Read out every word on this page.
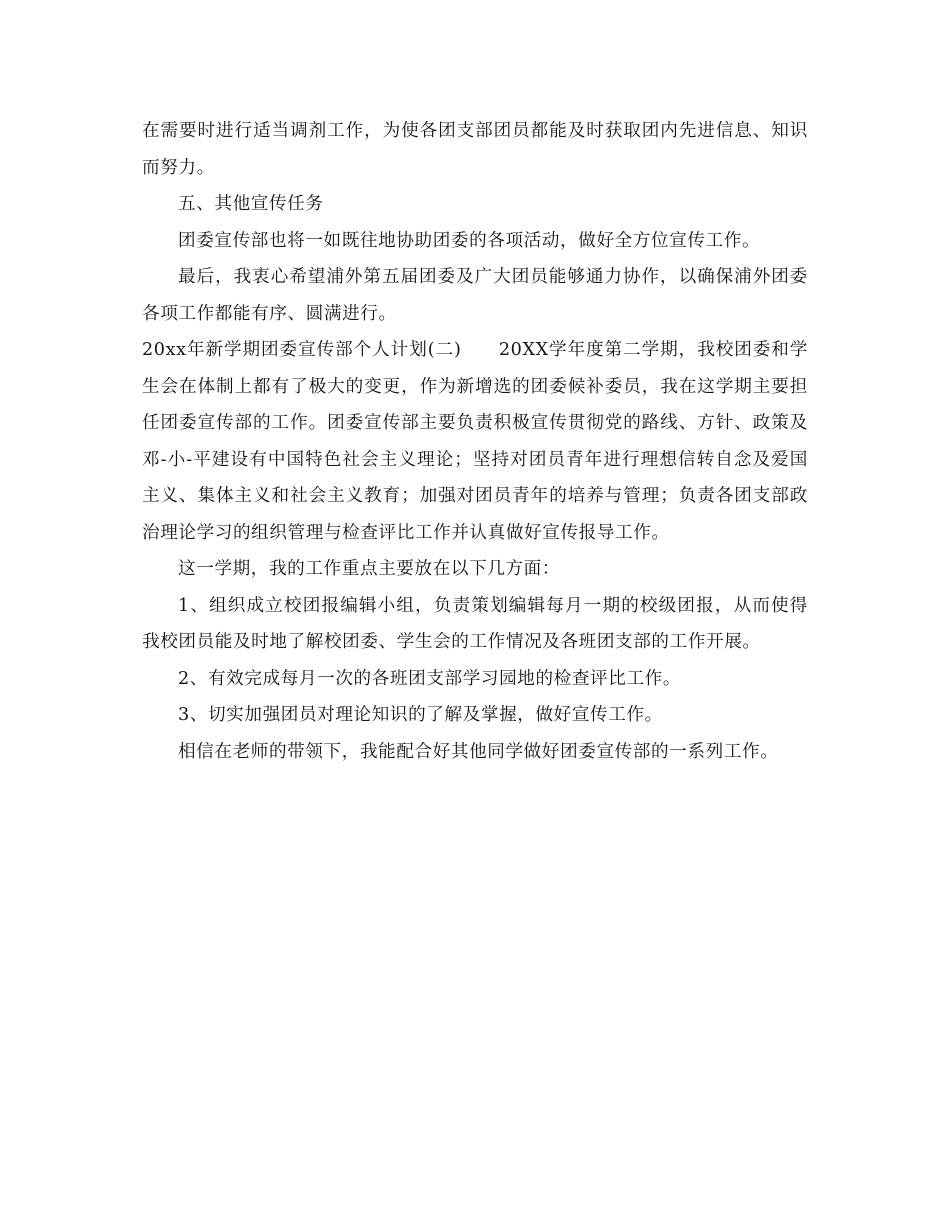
在需要时进行适当调剂工作，为使各团支部团员都能及时获取团内先进信息、知识而努力。

五、其他宣传任务

团委宣传部也将一如既往地协助团委的各项活动，做好全方位宣传工作。

最后，我衷心希望浦外第五届团委及广大团员能够通力协作，以确保浦外团委各项工作都能有序、圆满进行。

20xx年新学期团委宣传部个人计划(二)　　20XX学年度第二学期，我校团委和学生会在体制上都有了极大的变更，作为新增选的团委候补委员，我在这学期主要担任团委宣传部的工作。团委宣传部主要负责积极宣传贯彻党的路线、方针、政策及邓-小-平建设有中国特色社会主义理论；坚持对团员青年进行理想信转自念及爱国主义、集体主义和社会主义教育；加强对团员青年的培养与管理；负责各团支部政治理论学习的组织管理与检查评比工作并认真做好宣传报导工作。

这一学期，我的工作重点主要放在以下几方面：

1、组织成立校团报编辑小组，负责策划编辑每月一期的校级团报，从而使得我校团员能及时地了解校团委、学生会的工作情况及各班团支部的工作开展。

2、有效完成每月一次的各班团支部学习园地的检查评比工作。

3、切实加强团员对理论知识的了解及掌握，做好宣传工作。

相信在老师的带领下，我能配合好其他同学做好团委宣传部的一系列工作。
